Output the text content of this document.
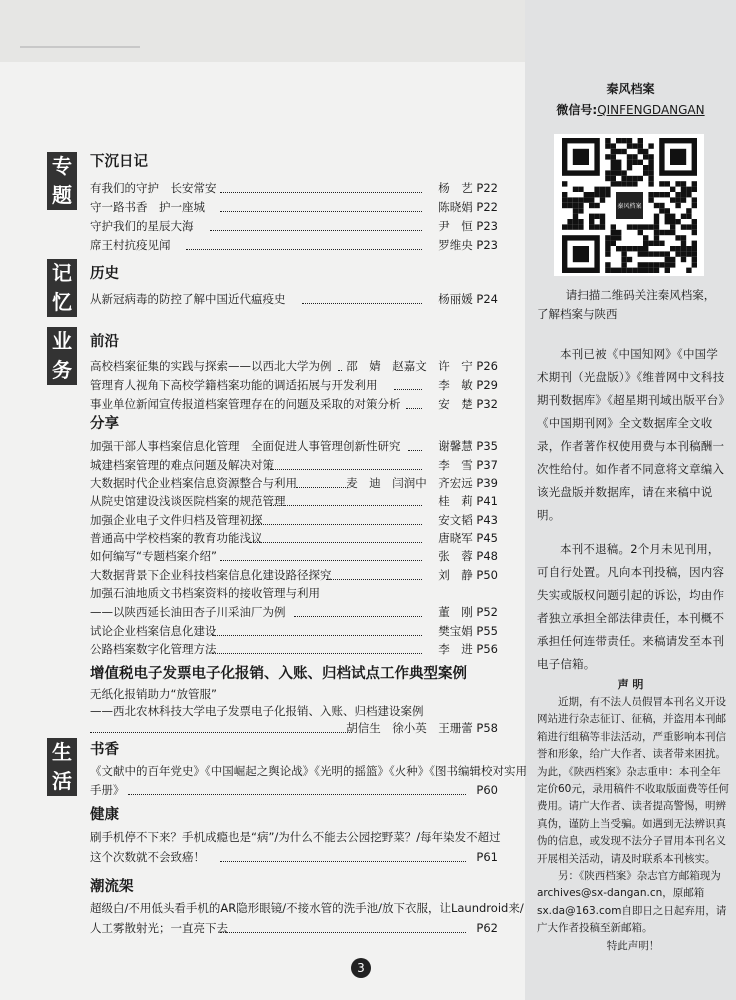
秦风档案
微信号:QINFENGDANGAN
秦风档案
请扫描二维码关注秦风档案，
了解档案与陕西
本刊已被《中国知网》《中国学术期刊（光盘版）》《维普网中文科技期刊数据库》《超星期刊域出版平台》《中国期刊网》全文数据库全文收录，作者著作权使用费与本刊稿酬一次性给付。如作者不同意将文章编入该光盘版并数据库，请在来稿中说明。
本刊不退稿。2个月未见刊用，可自行处置。凡向本刊投稿，因内容失实或版权问题引起的诉讼，均由作者独立承担全部法律责任，本刊概不承担任何连带责任。来稿请发至本刊电子信箱。
声 明
近期，有不法人员假冒本刊名义开设网站进行杂志征订、征稿，并盗用本刊邮箱进行组稿等非法活动，严重影响本刊信誉和形象，给广大作者、读者带来困扰。为此，《陕西档案》杂志重申：本刊全年定价60元，录用稿件不收取版面费等任何费用。请广大作者、读者提高警惕，明辨真伪，谨防上当受骗。如遇到无法辨识真伪的信息，或发现不法分子冒用本刊名义开展相关活动，请及时联系本刊核实。
另：《陕西档案》杂志官方邮箱现为archives@sx-dangan.cn，原邮箱sx.da@163.com自即日之日起弃用，请广大作者投稿至新邮箱。
特此声明！
专
题
记
忆
业
务
生
活
下沉日记
历史
前沿
分享
增值税电子发票电子化报销、入账、归档试点工作典型案例
书香
健康
潮流架
有我们的守护　长安常安	杨　艺 P22
守一路书香　护一座城	陈晓娟 P22
守护我们的星辰大海	尹　恒 P23
席王村抗疫见闻	罗维央 P23
从新冠病毒的防控了解中国近代瘟疫史	杨丽媛 P24
高校档案征集的实践与探索——以西北大学为例 邵　婧　赵嘉文　许　宁 P26
管理育人视角下高校学籍档案功能的调适拓展与开发利用	李　敏 P29
事业单位新闻宣传报道档案管理存在的问题及采取的对策分析	安　楚 P32
加强干部人事档案信息化管理　全面促进人事管理创新性研究	谢馨慧 P35
城建档案管理的难点问题及解决对策	李　雪 P37
大数据时代企业档案信息资源整合与利用	麦　迪　闫润中　齐宏远 P39
从院史馆建设浅谈医院档案的规范管理	桂　莉 P41
加强企业电子文件归档及管理初探	安文韬 P43
普通高中学校档案的教育功能浅议	唐晓军 P45
如何编写“专题档案介绍”	张　蓉 P48
大数据背景下企业科技档案信息化建设路径探究	刘　静 P50
加强石油地质文书档案资料的接收管理与利用
——以陕西延长油田杏子川采油厂为例	董　刚 P52
试论企业档案信息化建设	樊宝娟 P55
公路档案数字化管理方法	李　进 P56
无纸化报销助力“放管服”
——西北农林科技大学电子发票电子化报销、入账、归档建设案例
胡信生　徐小英　王珊蕾 P58
《文献中的百年党史》《中国崛起之舆论战》《光明的摇篮》《火种》《图书编辑校对实用
手册》	P60
刷手机停不下来？手机成瘾也是“病”/为什么不能去公园挖野菜？/每年染发不超过
这个次数就不会致癌！	P61
超级白/不用低头看手机的AR隐形眼镜/不接水管的洗手池/放下衣服，让Laundroid来/
人工雾散射光；一直亮下去	P62
3
